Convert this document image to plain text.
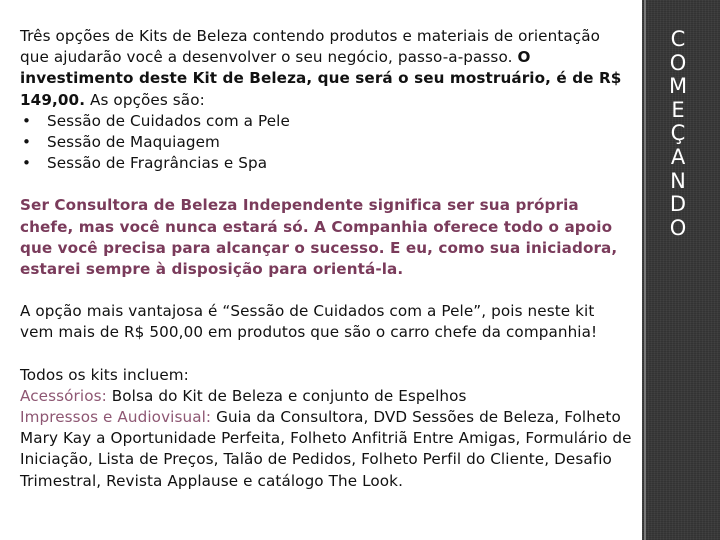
Três opções de Kits de Beleza contendo produtos e materiais de orientação que ajudarão você a desenvolver o seu negócio, passo-a-passo. O investimento deste Kit de Beleza, que será o seu mostruário, é de R$ 149,00. As opções são:

• Sessão de Cuidados com a Pele
• Sessão de Maquiagem
• Sessão de Fragrâncias e Spa

Ser Consultora de Beleza Independente significa ser sua própria chefe, mas você nunca estará só. A Companhia oferece todo o apoio que você precisa para alcançar o sucesso. E eu, como sua iniciadora, estarei sempre à disposição para orientá-la.

A opção mais vantajosa é “Sessão de Cuidados com a Pele”, pois neste kit vem mais de R$ 500,00 em produtos que são o carro chefe da companhia!

Todos os kits incluem:

Acessórios: Bolsa do Kit de Beleza e conjunto de Espelhos

Impressos e Audiovisual: Guia da Consultora, DVD Sessões de Beleza, Folheto Mary Kay a Oportunidade Perfeita, Folheto Anfitriã Entre Amigas, Formulário de Iniciação, Lista de Preços, Talão de Pedidos, Folheto Perfil do Cliente, Desafio Trimestral, Revista Applause e catálogo The Look.

C
O
M
E
Ç
A
N
D
O
